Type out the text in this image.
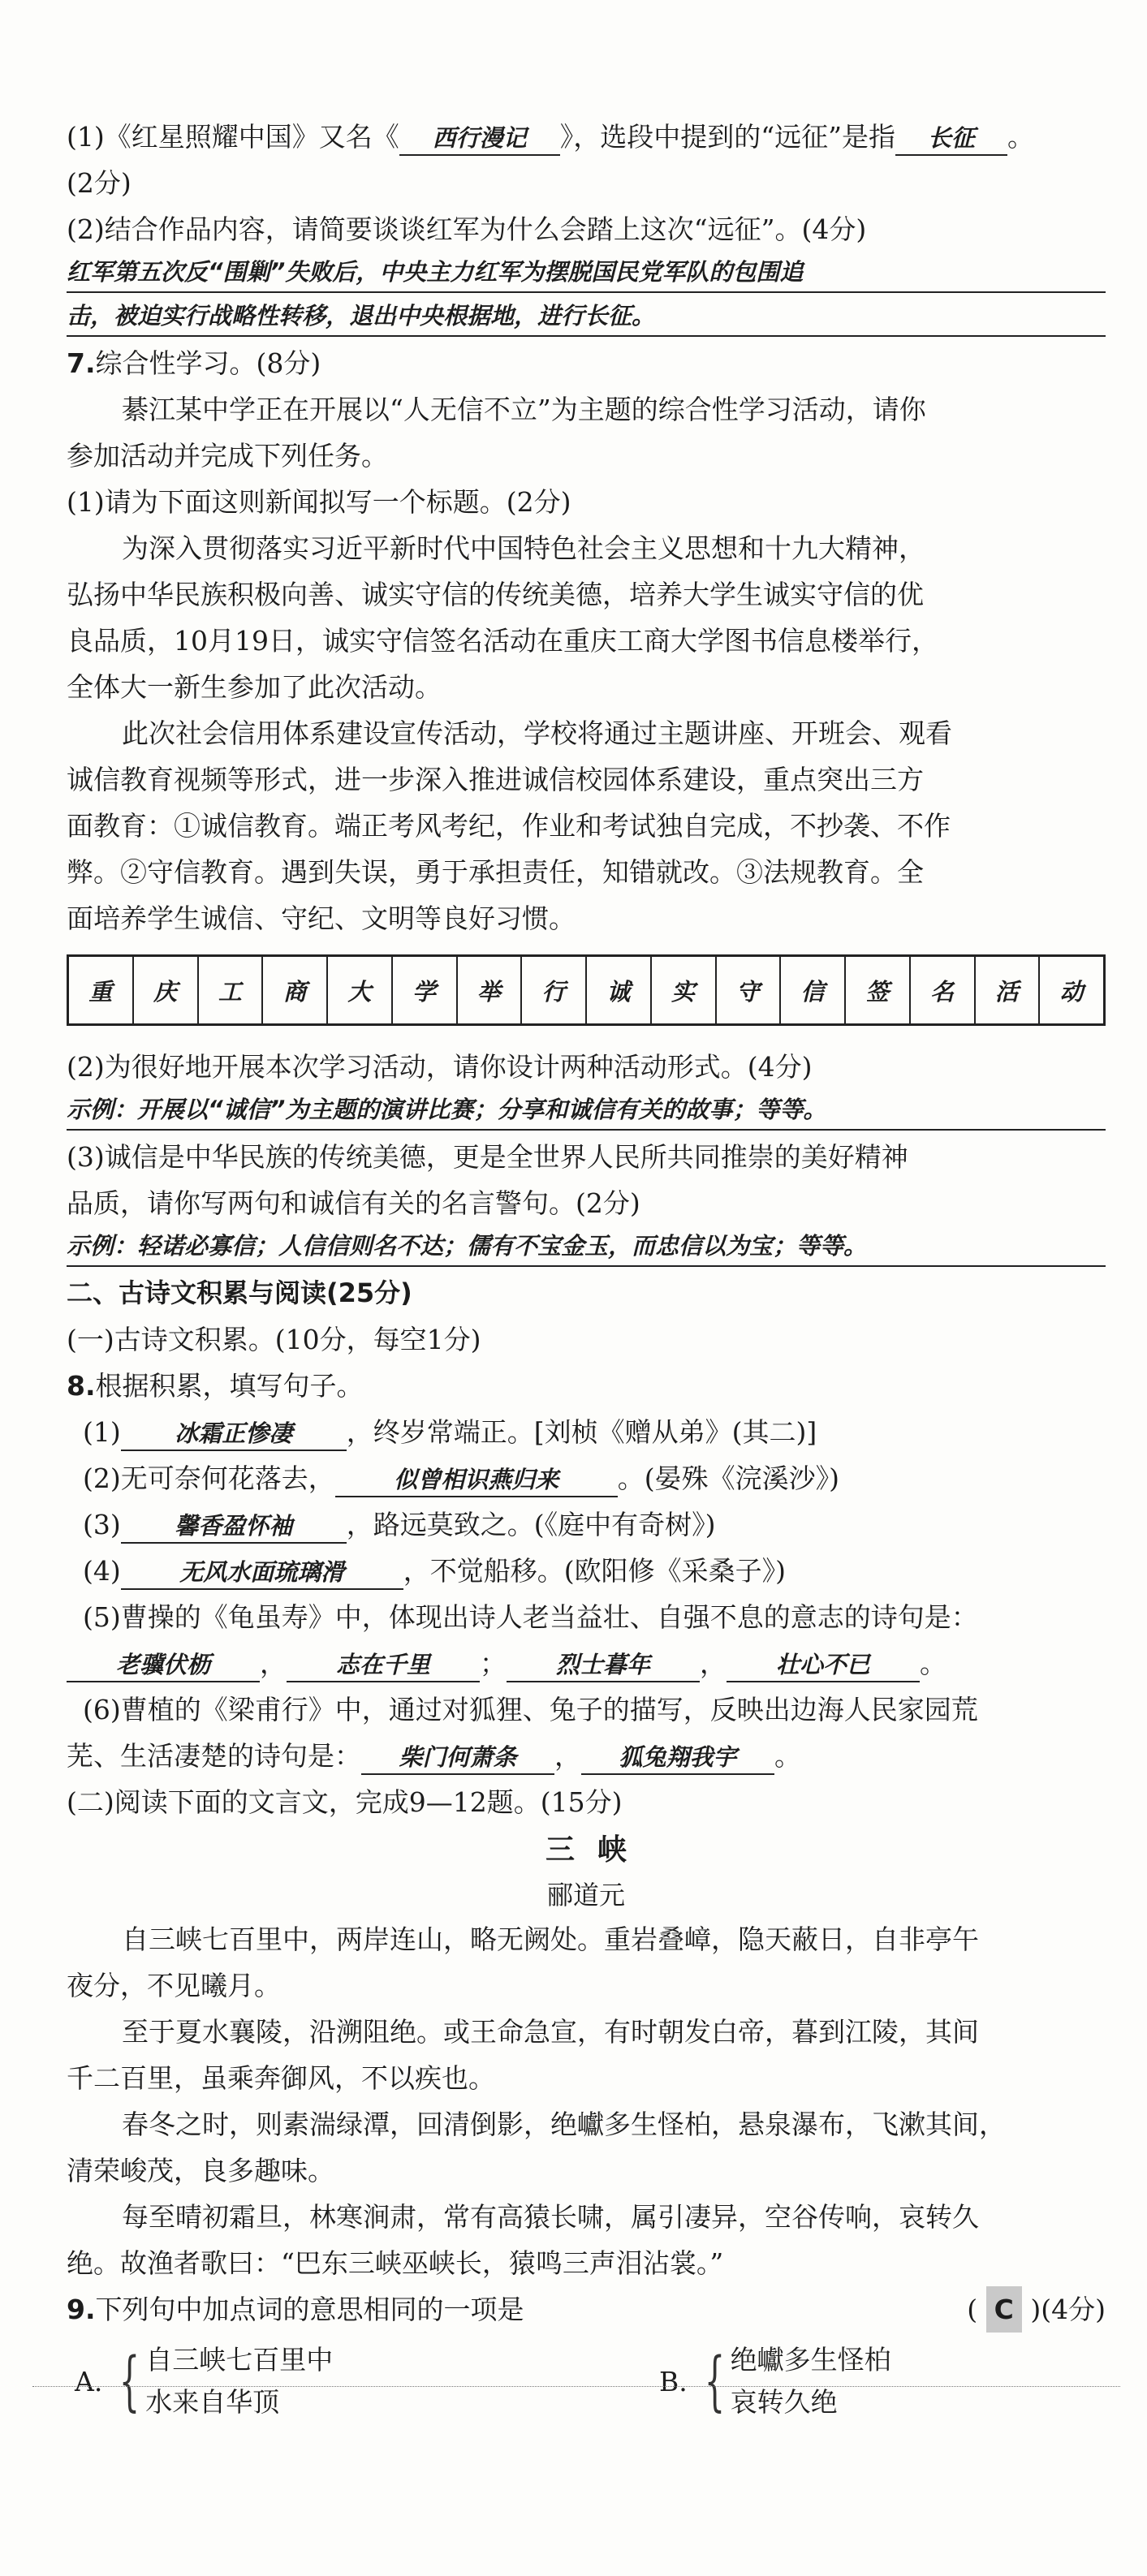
(1)《红星照耀中国》又名《 西行漫记 》，选段中提到的“远征”是指 长征 。
(2分)
(2)结合作品内容，请简要谈谈红军为什么会踏上这次“远征”。(4分)
红军第五次反“围剿”失败后，中央主力红军为摆脱国民党军队的包围追
击，被迫实行战略性转移，退出中央根据地，进行长征。
7.综合性学习。(8分)
綦江某中学正在开展以“人无信不立”为主题的综合性学习活动，请你
参加活动并完成下列任务。
(1)请为下面这则新闻拟写一个标题。(2分)
为深入贯彻落实习近平新时代中国特色社会主义思想和十九大精神，
弘扬中华民族积极向善、诚实守信的传统美德，培养大学生诚实守信的优
良品质，10月19日，诚实守信签名活动在重庆工商大学图书信息楼举行，
全体大一新生参加了此次活动。
此次社会信用体系建设宣传活动，学校将通过主题讲座、开班会、观看
诚信教育视频等形式，进一步深入推进诚信校园体系建设，重点突出三方
面教育：①诚信教育。端正考风考纪，作业和考试独自完成，不抄袭、不作
弊。②守信教育。遇到失误，勇于承担责任，知错就改。③法规教育。全
面培养学生诚信、守纪、文明等良好习惯。
重	庆	工	商	大	学	举	行	诚	实	守	信	签	名	活	动
(2)为很好地开展本次学习活动，请你设计两种活动形式。(4分)
示例：开展以“诚信”为主题的演讲比赛；分享和诚信有关的故事；等等。
(3)诚信是中华民族的传统美德，更是全世界人民所共同推崇的美好精神
品质，请你写两句和诚信有关的名言警句。(2分)
示例：轻诺必寡信；人信信则名不达；儒有不宝金玉，而忠信以为宝；等等。
二、古诗文积累与阅读(25分)
(一)古诗文积累。(10分，每空1分)
8.根据积累，填写句子。
(1) 冰霜正惨凄 ，终岁常端正。[刘桢《赠从弟》(其二)]
(2)无可奈何花落去， 似曾相识燕归来 。(晏殊《浣溪沙》)
(3) 馨香盈怀袖 ，路远莫致之。(《庭中有奇树》)
(4) 无风水面琉璃滑 ，不觉船移。(欧阳修《采桑子》)
(5)曹操的《龟虽寿》中，体现出诗人老当益壮、自强不息的意志的诗句是：
老骥伏枥 ， 志在千里 ； 烈士暮年 ， 壮心不已 。
(6)曹植的《梁甫行》中，通过对狐狸、兔子的描写，反映出边海人民家园荒
芜、生活凄楚的诗句是： 柴门何萧条 ， 狐兔翔我宇 。
(二)阅读下面的文言文，完成9—12题。(15分)
三峡
郦道元
自三峡七百里中，两岸连山，略无阙处。重岩叠嶂，隐天蔽日，自非亭午
夜分，不见曦月。
至于夏水襄陵，沿溯阻绝。或王命急宣，有时朝发白帝，暮到江陵，其间
千二百里，虽乘奔御风，不以疾也。
春冬之时，则素湍绿潭，回清倒影，绝巘多生怪柏，悬泉瀑布，飞漱其间，
清荣峻茂，良多趣味。
每至晴初霜旦，林寒涧肃，常有高猿长啸，属引凄异，空谷传响，哀转久
绝。故渔者歌曰：“巴东三峡巫峡长，猿鸣三声泪沾裳。”
9.下列句中加点词的意思相同的一项是	( C )(4分)
A. { 自三峡七百里中
水来自华顶
B. { 绝巘多生怪柏
哀转久绝
